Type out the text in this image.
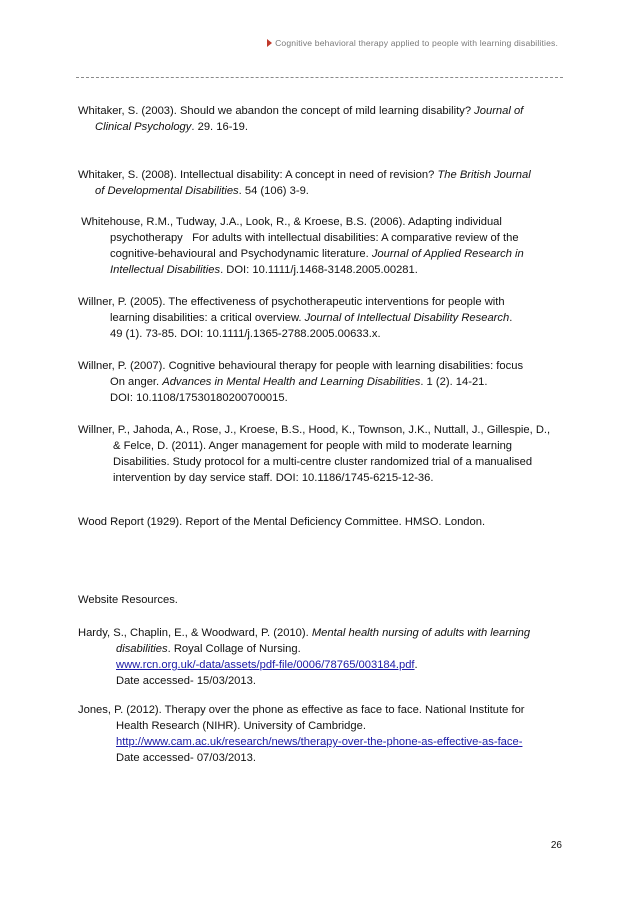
Cognitive behavioral therapy applied to people with learning disabilities.
Whitaker, S. (2003). Should we abandon the concept of mild learning disability? Journal of
Clinical Psychology. 29. 16-19.
Whitaker, S. (2008). Intellectual disability: A concept in need of revision? The British Journal
of Developmental Disabilities. 54 (106) 3-9.
Whitehouse, R.M., Tudway, J.A., Look, R., & Kroese, B.S. (2006). Adapting individual
psychotherapy   For adults with intellectual disabilities: A comparative review of the
cognitive-behavioural and Psychodynamic literature. Journal of Applied Research in
Intellectual Disabilities. DOI: 10.1111/j.1468-3148.2005.00281.
Willner, P. (2005). The effectiveness of psychotherapeutic interventions for people with
learning disabilities: a critical overview. Journal of Intellectual Disability Research.
49 (1). 73-85. DOI: 10.1111/j.1365-2788.2005.00633.x.
Willner, P. (2007). Cognitive behavioural therapy for people with learning disabilities: focus
On anger. Advances in Mental Health and Learning Disabilities. 1 (2). 14-21.
DOI: 10.1108/17530180200700015.
Willner, P., Jahoda, A., Rose, J., Kroese, B.S., Hood, K., Townson, J.K., Nuttall, J., Gillespie, D.,
& Felce, D. (2011). Anger management for people with mild to moderate learning
Disabilities. Study protocol for a multi-centre cluster randomized trial of a manualised
intervention by day service staff. DOI: 10.1186/1745-6215-12-36.
Wood Report (1929). Report of the Mental Deficiency Committee. HMSO. London.
Website Resources.
Hardy, S., Chaplin, E., & Woodward, P. (2010). Mental health nursing of adults with learning
disabilities. Royal Collage of Nursing.
www.rcn.org.uk/-data/assets/pdf-file/0006/78765/003184.pdf.
Date accessed- 15/03/2013.
Jones, P. (2012). Therapy over the phone as effective as face to face. National Institute for
Health Research (NIHR). University of Cambridge.
http://www.cam.ac.uk/research/news/therapy-over-the-phone-as-effective-as-face-
Date accessed- 07/03/2013.
26
